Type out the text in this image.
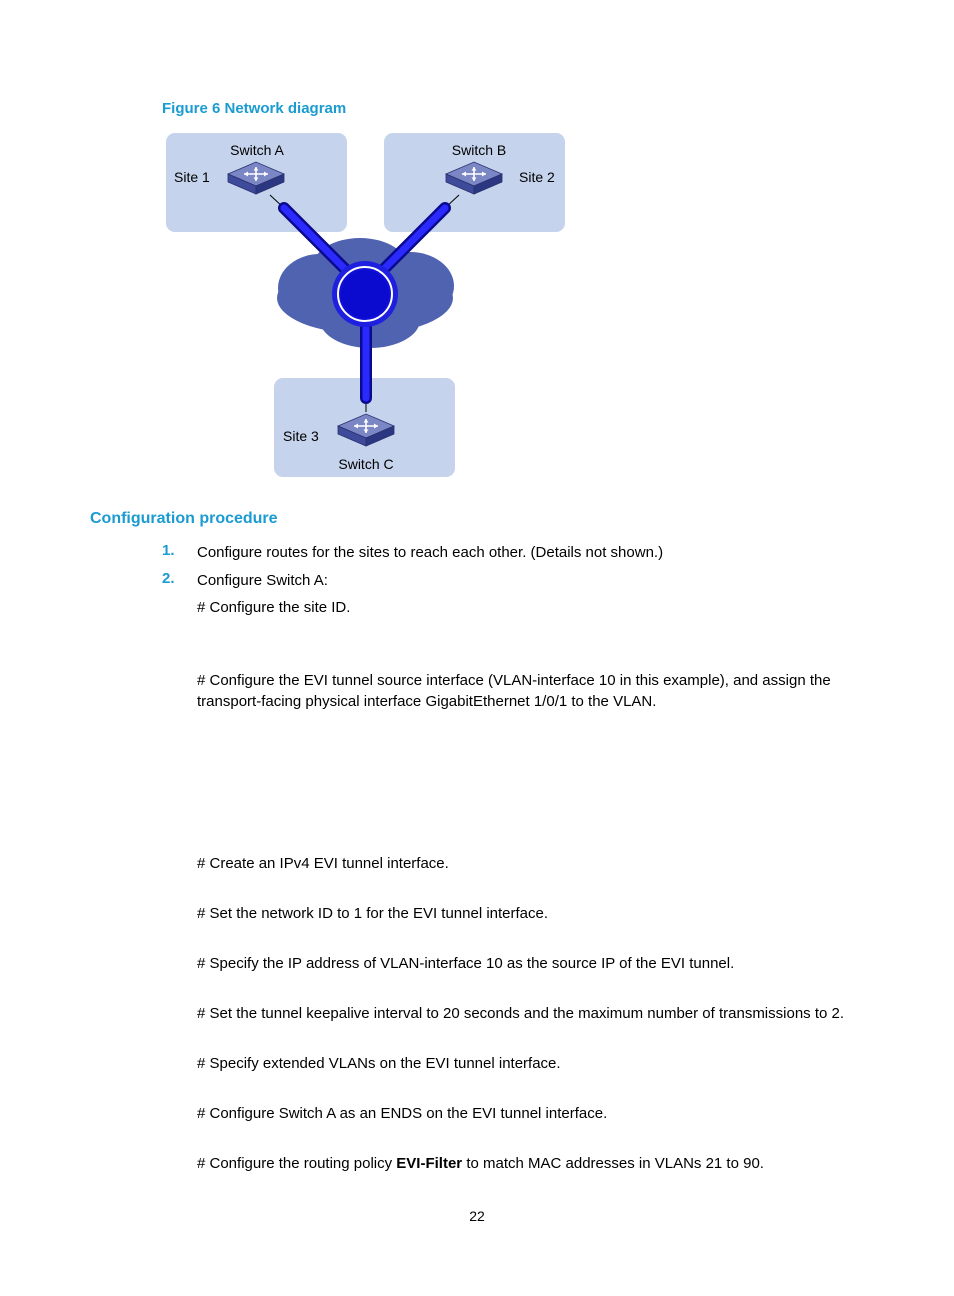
Figure 6 Network diagram
Switch A	Switch B
Switch C
Site 1	Site 2
Site 3
Configuration procedure
1. Configure routes for the sites to reach each other. (Details not shown.)
2. Configure Switch A:
# Configure the site ID.
# Configure the EVI tunnel source interface (VLAN-interface 10 in this example), and assign the
transport-facing physical interface GigabitEthernet 1/0/1 to the VLAN.
# Create an IPv4 EVI tunnel interface.
# Set the network ID to 1 for the EVI tunnel interface.
# Specify the IP address of VLAN-interface 10 as the source IP of the EVI tunnel.
# Set the tunnel keepalive interval to 20 seconds and the maximum number of transmissions to 2.
# Specify extended VLANs on the EVI tunnel interface.
# Configure Switch A as an ENDS on the EVI tunnel interface.
# Configure the routing policy EVI-Filter to match MAC addresses in VLANs 21 to 90.
22
